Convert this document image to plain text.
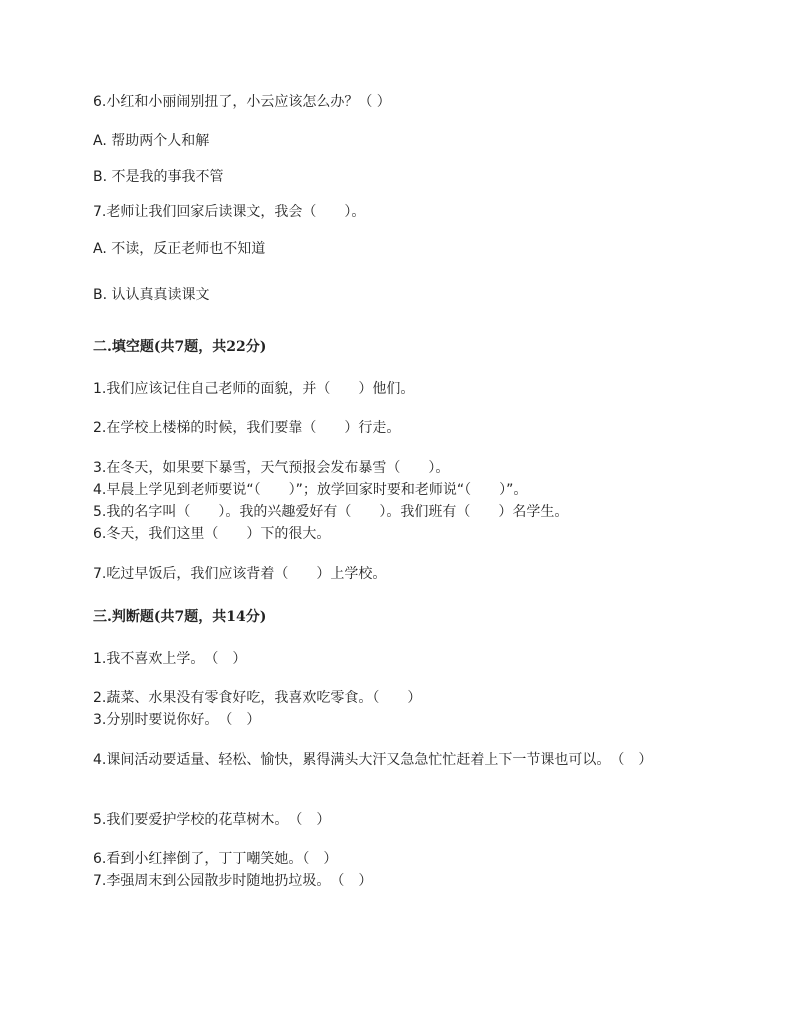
6.小红和小丽闹别扭了，小云应该怎么办？（ ）
A. 帮助两个人和解
B. 不是我的事我不管
7.老师让我们回家后读课文，我会（　　）。
A. 不读，反正老师也不知道
B. 认认真真读课文
二.填空题(共7题，共22分)
1.我们应该记住自己老师的面貌，并（　　）他们。
2.在学校上楼梯的时候，我们要靠（　　）行走。
3.在冬天，如果要下暴雪，天气预报会发布暴雪（　　）。
4.早晨上学见到老师要说“（　　）”；放学回家时要和老师说“（　　）”。
5.我的名字叫（　　）。我的兴趣爱好有（　　）。我们班有（　　）名学生。
6.冬天，我们这里（　　）下的很大。
7.吃过早饭后，我们应该背着（　　）上学校。
三.判断题(共7题，共14分)
1.我不喜欢上学。　（　）
2.蔬菜、水果没有零食好吃，我喜欢吃零食。（　　）
3.分别时要说你好。　（　）
4.课间活动要适量、轻松、愉快，累得满头大汗又急急忙忙赶着上下一节课也可以。　（　）
5.我们要爱护学校的花草树木。　（　）
6.看到小红摔倒了，丁丁嘲笑她。（　）
7.李强周末到公园散步时随地扔垃圾。　（　）
